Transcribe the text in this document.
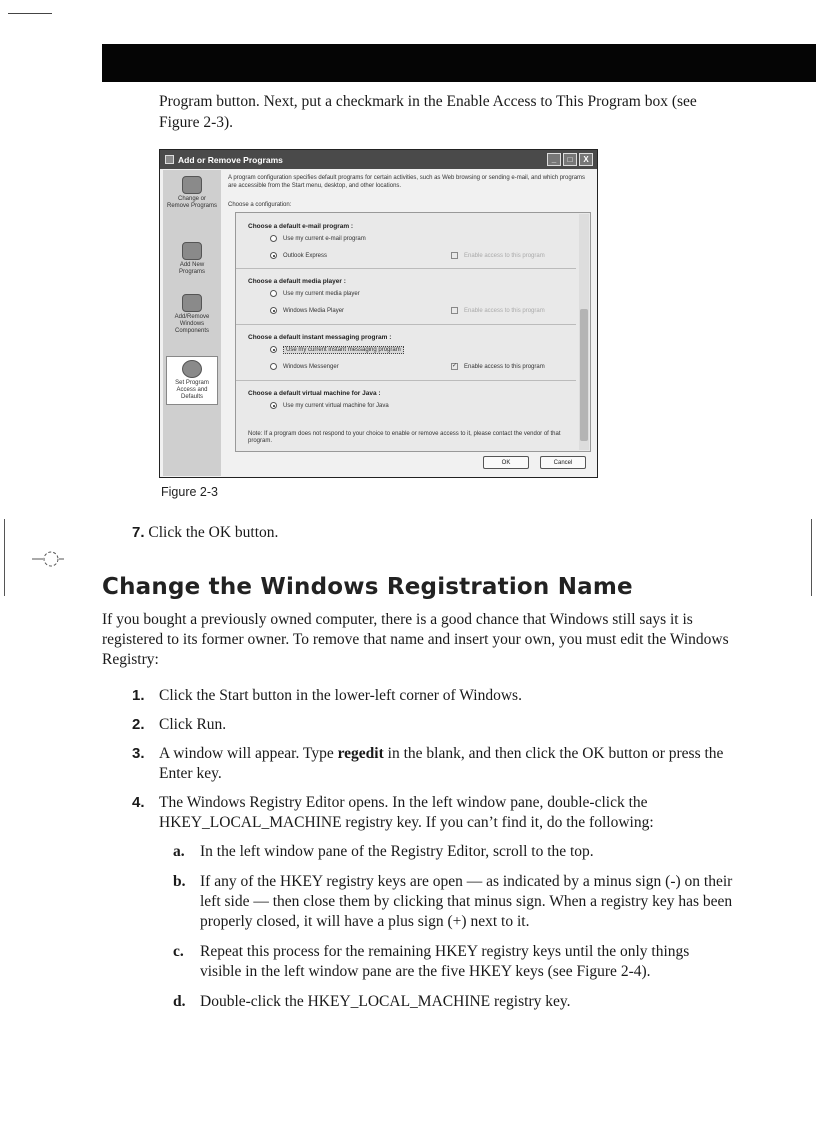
Program button. Next, put a checkmark in the Enable Access to This Program box (see Figure 2-3).

Add or Remove Programs	_	□	X
Change or Remove Programs
Add New Programs
Add/Remove Windows Components
Set Program Access and Defaults
A program configuration specifies default programs for certain activities, such as Web browsing or sending e-mail, and which programs are accessible from the Start menu, desktop, and other locations.
Choose a configuration:
Choose a default e-mail program :
Use my current e-mail program
Outlook Express	Enable access to this program
Choose a default media player :
Use my current media player
Windows Media Player	Enable access to this program
Choose a default instant messaging program :
Use my current instant messaging program
Windows Messenger	✓ Enable access to this program
Choose a default virtual machine for Java :
Use my current virtual machine for Java
Note: If a program does not respond to your choice to enable or remove access to it, please contact the vendor of that program.
OK	Cancel
Figure 2-3
7. Click the OK button.
Change the Windows Registration Name

If you bought a previously owned computer, there is a good chance that Windows still says it is registered to its former owner. To remove that name and insert your own, you must edit the Windows Registry:

1. Click the Start button in the lower-left corner of Windows.
2. Click Run.
3. A window will appear. Type regedit in the blank, and then click the OK button or press the Enter key.
4. The Windows Registry Editor opens. In the left window pane, double-click the HKEY_LOCAL_MACHINE registry key. If you can’t find it, do the following:
a. In the left window pane of the Registry Editor, scroll to the top.
b. If any of the HKEY registry keys are open — as indicated by a minus sign (-) on their left side — then close them by clicking that minus sign. When a registry key has been properly closed, it will have a plus sign (+) next to it.
c.	Repeat this process for the remaining HKEY registry keys until the only things visible in the left window pane are the five HKEY keys (see Figure 2-4).
d. Double-click the HKEY_LOCAL_MACHINE registry key.
